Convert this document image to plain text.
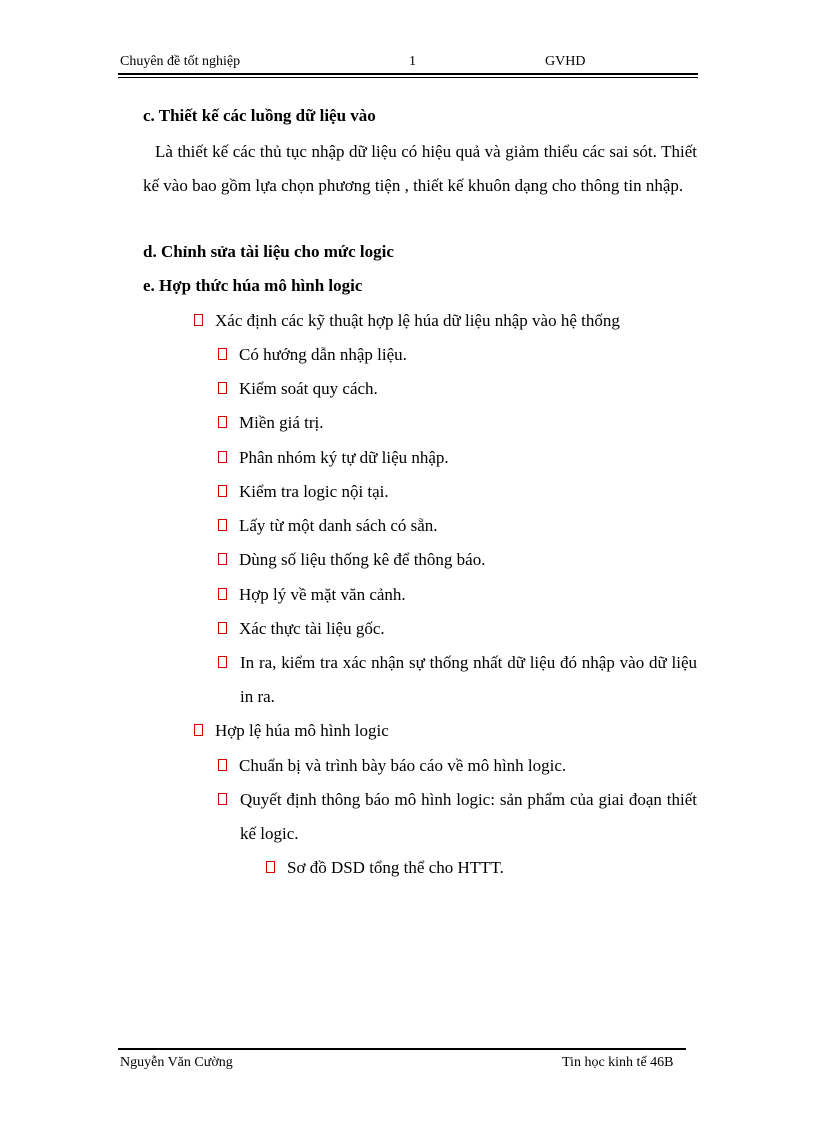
Chuyên đề tốt nghiệp	1	GVHD
c. Thiết kế các luồng dữ liệu vào
Là thiết kế các thủ tục nhập dữ liệu có hiệu quả và giảm thiểu các sai sót. Thiết kế vào bao gồm lựa chọn phương tiện , thiết kế khuôn dạng cho thông tin nhập.
d. Chỉnh sửa tài liệu cho mức logic
e. Hợp thức húa mô hình logic
Xác định các kỹ thuật hợp lệ húa dữ liệu nhập vào hệ thống
Có hướng dẫn nhập liệu.
Kiểm soát quy cách.
Miền giá trị.
Phân nhóm ký tự dữ liệu nhập.
Kiểm tra logic nội tại.
Lấy từ một danh sách có sẵn.
Dùng số liệu thống kê để thông báo.
Hợp lý về mặt văn cảnh.
Xác thực tài liệu gốc.
In ra, kiểm tra xác nhận sự thống nhất dữ liệu đó nhập vào dữ liệu in ra.
Hợp lệ húa mô hình logic
Chuẩn bị và trình bày báo cáo về mô hình logic.
Quyết định thông báo mô hình logic: sản phẩm của giai đoạn thiết kế logic.
Sơ đồ DSD tổng thể cho HTTT.
Nguyễn Văn Cường	Tin học kinh tế 46B
